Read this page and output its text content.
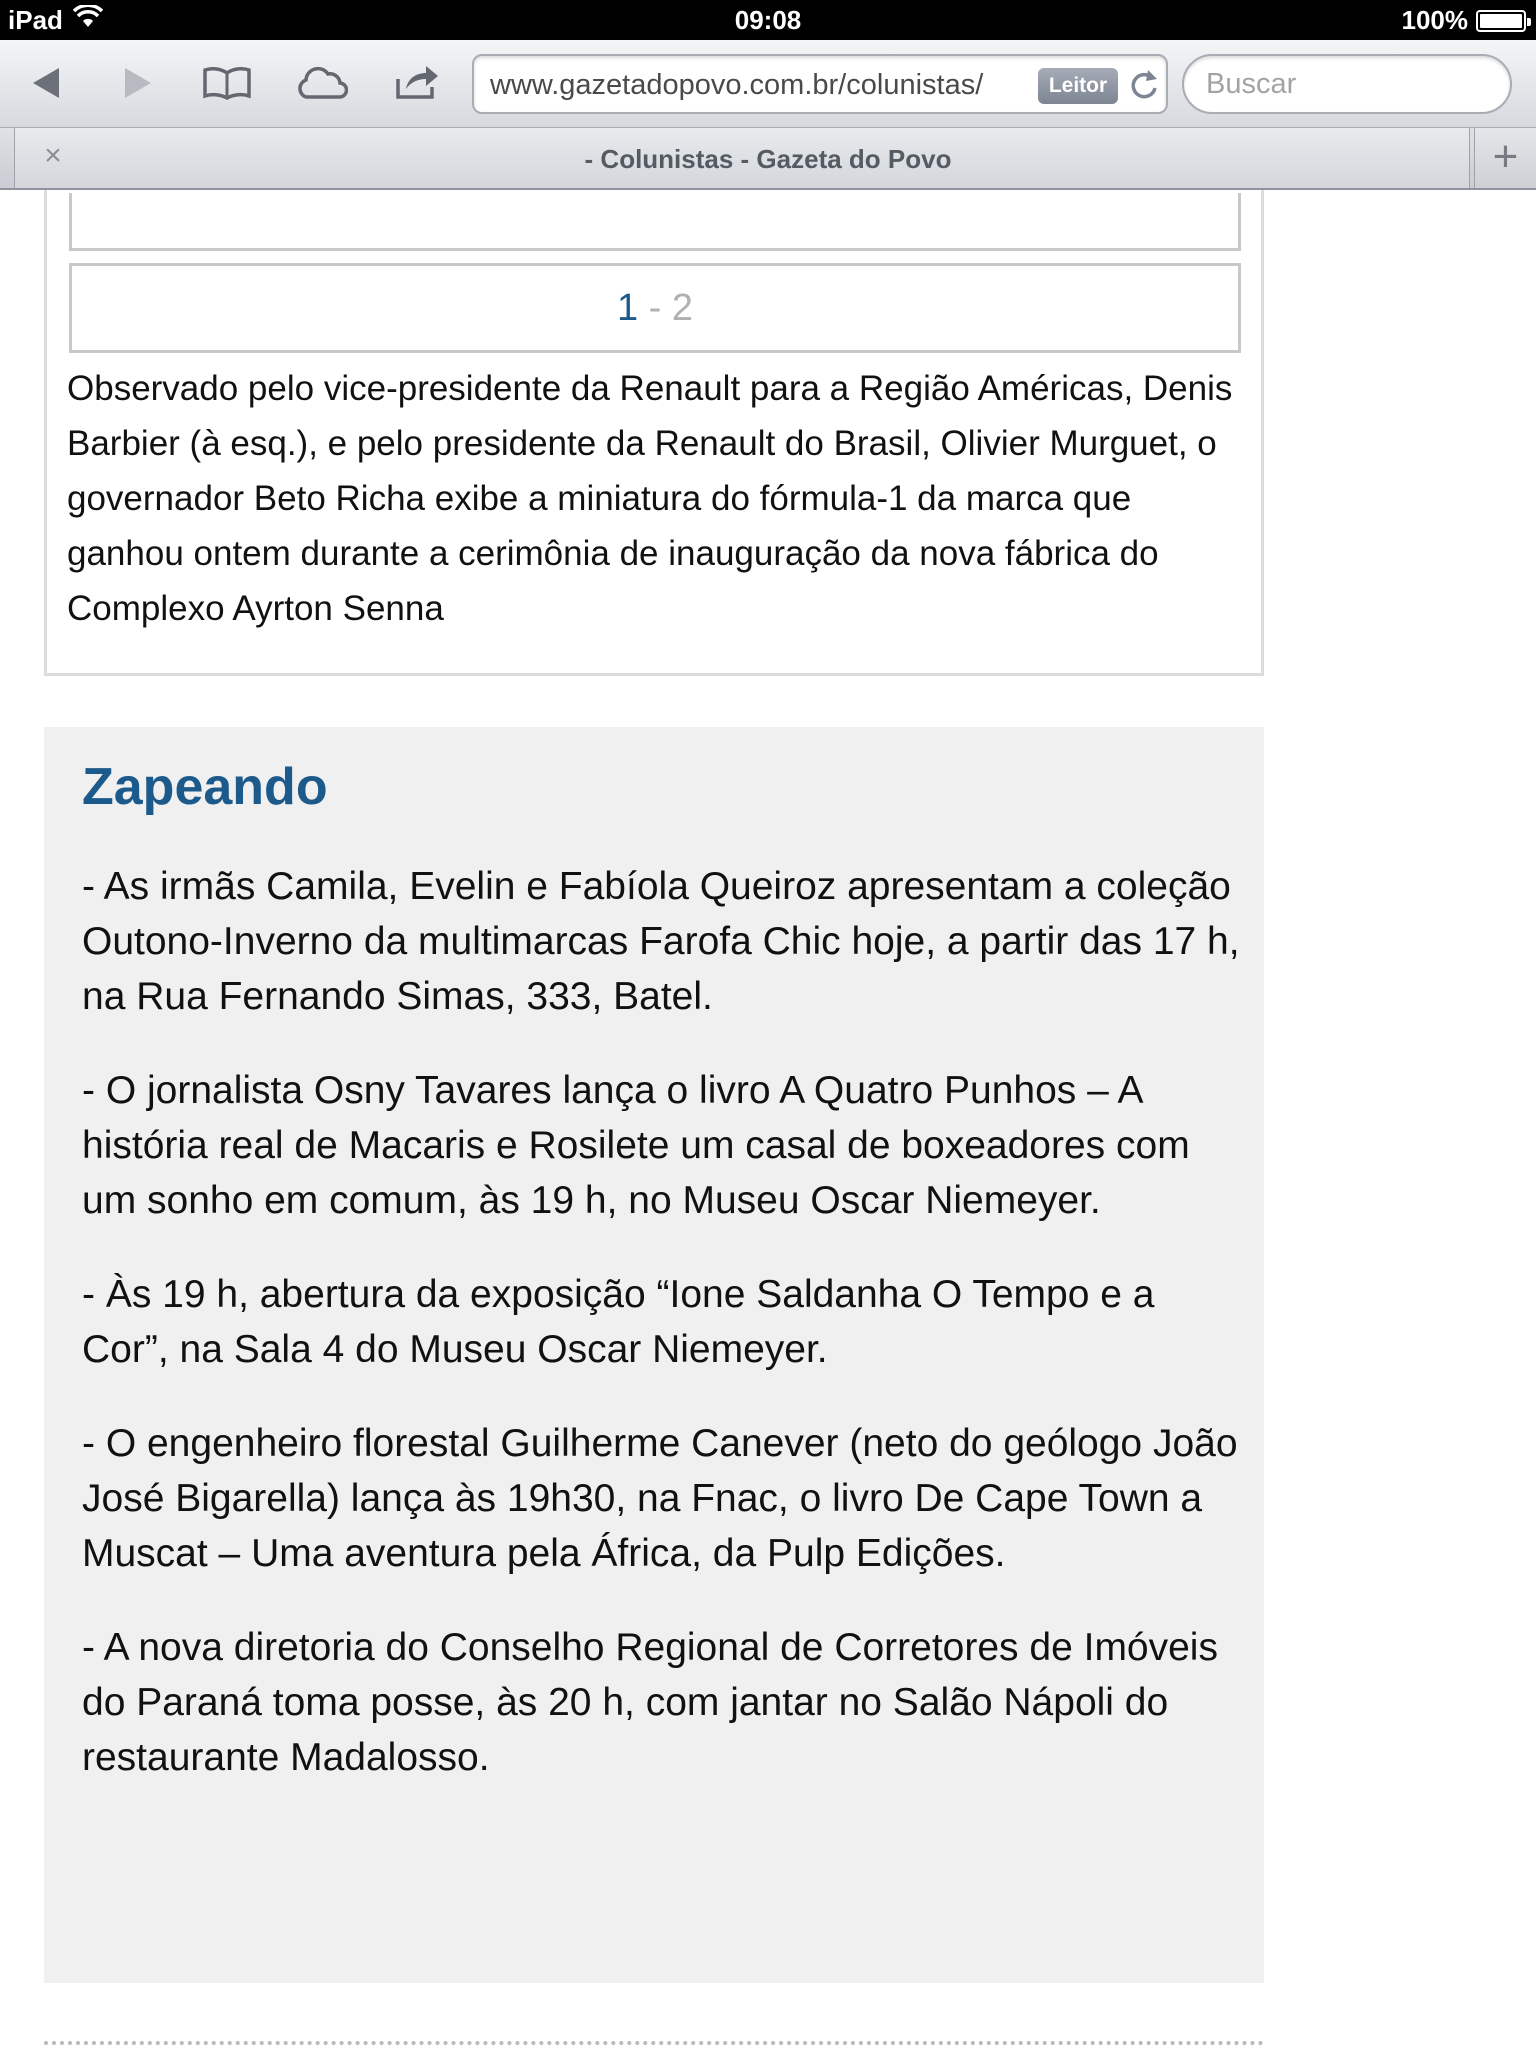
iPad	09:08	100%
www.gazetadopovo.com.br/colunistas/	Leitor
Buscar
×	- Colunistas - Gazeta do Povo	+
1 - 2
Observado pelo vice-presidente da Renault para a Região Américas, Denis Barbier (à esq.), e pelo presidente da Renault do Brasil, Olivier Murguet, o governador Beto Richa exibe a miniatura do fórmula-1 da marca que ganhou ontem durante a cerimônia de inauguração da nova fábrica do Complexo Ayrton Senna
Zapeando

- As irmãs Camila, Evelin e Fabíola Queiroz apresentam a coleção Outono-Inverno da multimarcas Farofa Chic hoje, a partir das 17 h, na Rua Fernando Simas, 333, Batel.

- O jornalista Osny Tavares lança o livro A Quatro Punhos – A história real de Macaris e Rosilete um casal de boxeadores com um sonho em comum, às 19 h, no Museu Oscar Niemeyer.

- Às 19 h, abertura da exposição “Ione Saldanha O Tempo e a Cor”, na Sala 4 do Museu Oscar Niemeyer.

- O engenheiro florestal Guilherme Canever (neto do geólogo João José Bigarella) lança às 19h30, na Fnac, o livro De Cape Town a Muscat – Uma aventura pela África, da Pulp Edições.

- A nova diretoria do Conselho Regional de Corretores de Imóveis do Paraná toma posse, às 20 h, com jantar no Salão Nápoli do restaurante Madalosso.
